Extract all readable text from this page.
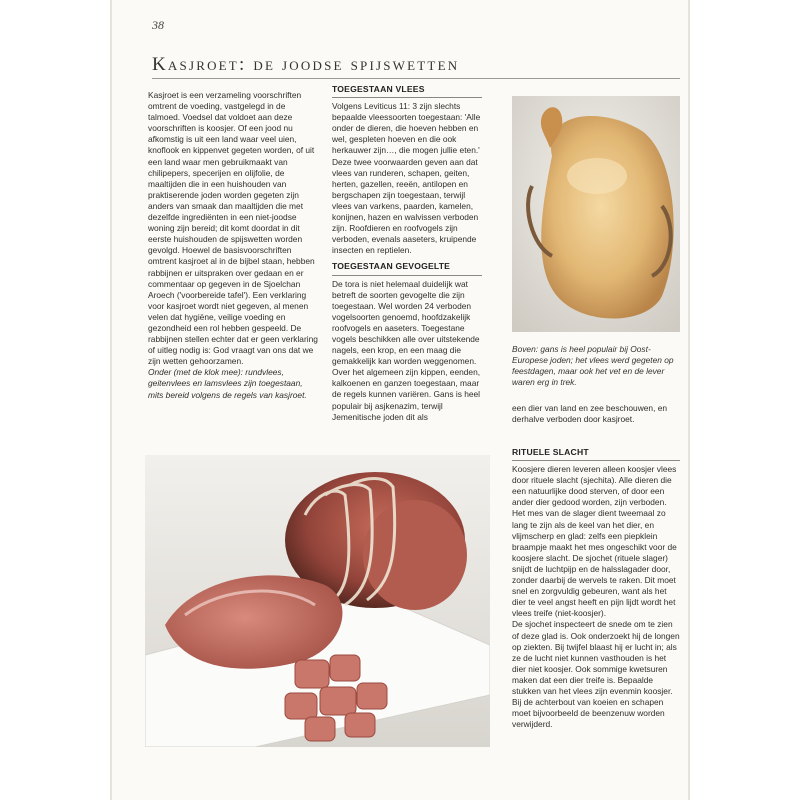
38
Kasjroet: de joodse spijswetten

Kasjroet is een verzameling voorschriften omtrent de voeding, vastgelegd in de talmoed. Voedsel dat voldoet aan deze voorschriften is koosjer. Of een jood nu afkomstig is uit een land waar veel uien, knoflook en kippenvet gegeten worden, of uit een land waar men gebruikmaakt van chilipepers, specerijen en olijfolie, de maaltijden die in een huishouden van praktiserende joden worden gegeten zijn anders van smaak dan maaltijden die met dezelfde ingrediënten in een niet-joodse woning zijn bereid; dit komt doordat in dit eerste huishouden de spijswetten worden gevolgd. Hoewel de basisvoorschriften omtrent kasjroet al in de bijbel staan, hebben rabbijnen er uitspraken over gedaan en er commentaar op gegeven in de Sjoelchan Aroech ('voorbereide tafel'). Een verklaring voor kasjroet wordt niet gegeven, al menen velen dat hygiëne, veilige voeding en gezondheid een rol hebben gespeeld. De rabbijnen stellen echter dat er geen verklaring of uitleg nodig is: God vraagt van ons dat we zijn wetten gehoorzamen.

Onder (met de klok mee): rundvlees, geitenvlees en lamsvlees zijn toegestaan, mits bereid volgens de regels van kasjroet.

TOEGESTAAN VLEES

Volgens Leviticus 11: 3 zijn slechts bepaalde vleessoorten toegestaan: 'Alle onder de dieren, die hoeven hebben en wel, gespleten hoeven en die ook herkauwer zijn…, die mogen jullie eten.' Deze twee voorwaarden geven aan dat vlees van runderen, schapen, geiten, herten, gazellen, reeën, antilopen en bergschapen zijn toegestaan, terwijl vlees van varkens, paarden, kamelen, konijnen, hazen en walvissen verboden zijn. Roofdieren en roofvogels zijn verboden, evenals aaseters, kruipende insecten en reptielen.

TOEGESTAAN GEVOGELTE

De tora is niet helemaal duidelijk wat betreft de soorten gevogelte die zijn toegestaan. Wel worden 24 verboden vogelsoorten genoemd, hoofdzakelijk roofvogels en aaseters. Toegestane vogels beschikken alle over uitstekende nagels, een krop, en een maag die gemakkelijk kan worden weggenomen. Over het algemeen zijn kippen, eenden, kalkoenen en ganzen toegestaan, maar de regels kunnen variëren. Gans is heel populair bij asjkenazim, terwijl Jemenitische joden dit als

Boven: gans is heel populair bij Oost-Europese joden; het vlees werd gegeten op feestdagen, maar ook het vet en de lever waren erg in trek.
een dier van land en zee beschouwen, en derhalve verboden door kasjroet.
RITUELE SLACHT

Koosjere dieren leveren alleen koosjer vlees door rituele slacht (sjechita). Alle dieren die een natuurlijke dood sterven, of door een ander dier gedood worden, zijn verboden. Het mes van de slager dient tweemaal zo lang te zijn als de keel van het dier, en vlijmscherp en glad: zelfs een piepklein braampje maakt het mes ongeschikt voor de koosjere slacht. De sjochet (rituele slager) snijdt de luchtpijp en de halsslagader door, zonder daarbij de wervels te raken. Dit moet snel en zorgvuldig gebeuren, want als het dier te veel angst heeft en pijn lijdt wordt het vlees treife (niet-koosjer).

De sjochet inspecteert de snede om te zien of deze glad is. Ook onderzoekt hij de longen op ziekten. Bij twijfel blaast hij er lucht in; als ze de lucht niet kunnen vasthouden is het dier niet koosjer. Ook sommige kwetsuren maken dat een dier treife is. Bepaalde stukken van het vlees zijn evenmin koosjer. Bij de achterbout van koeien en schapen moet bijvoorbeeld de beenzenuw worden verwijderd.
